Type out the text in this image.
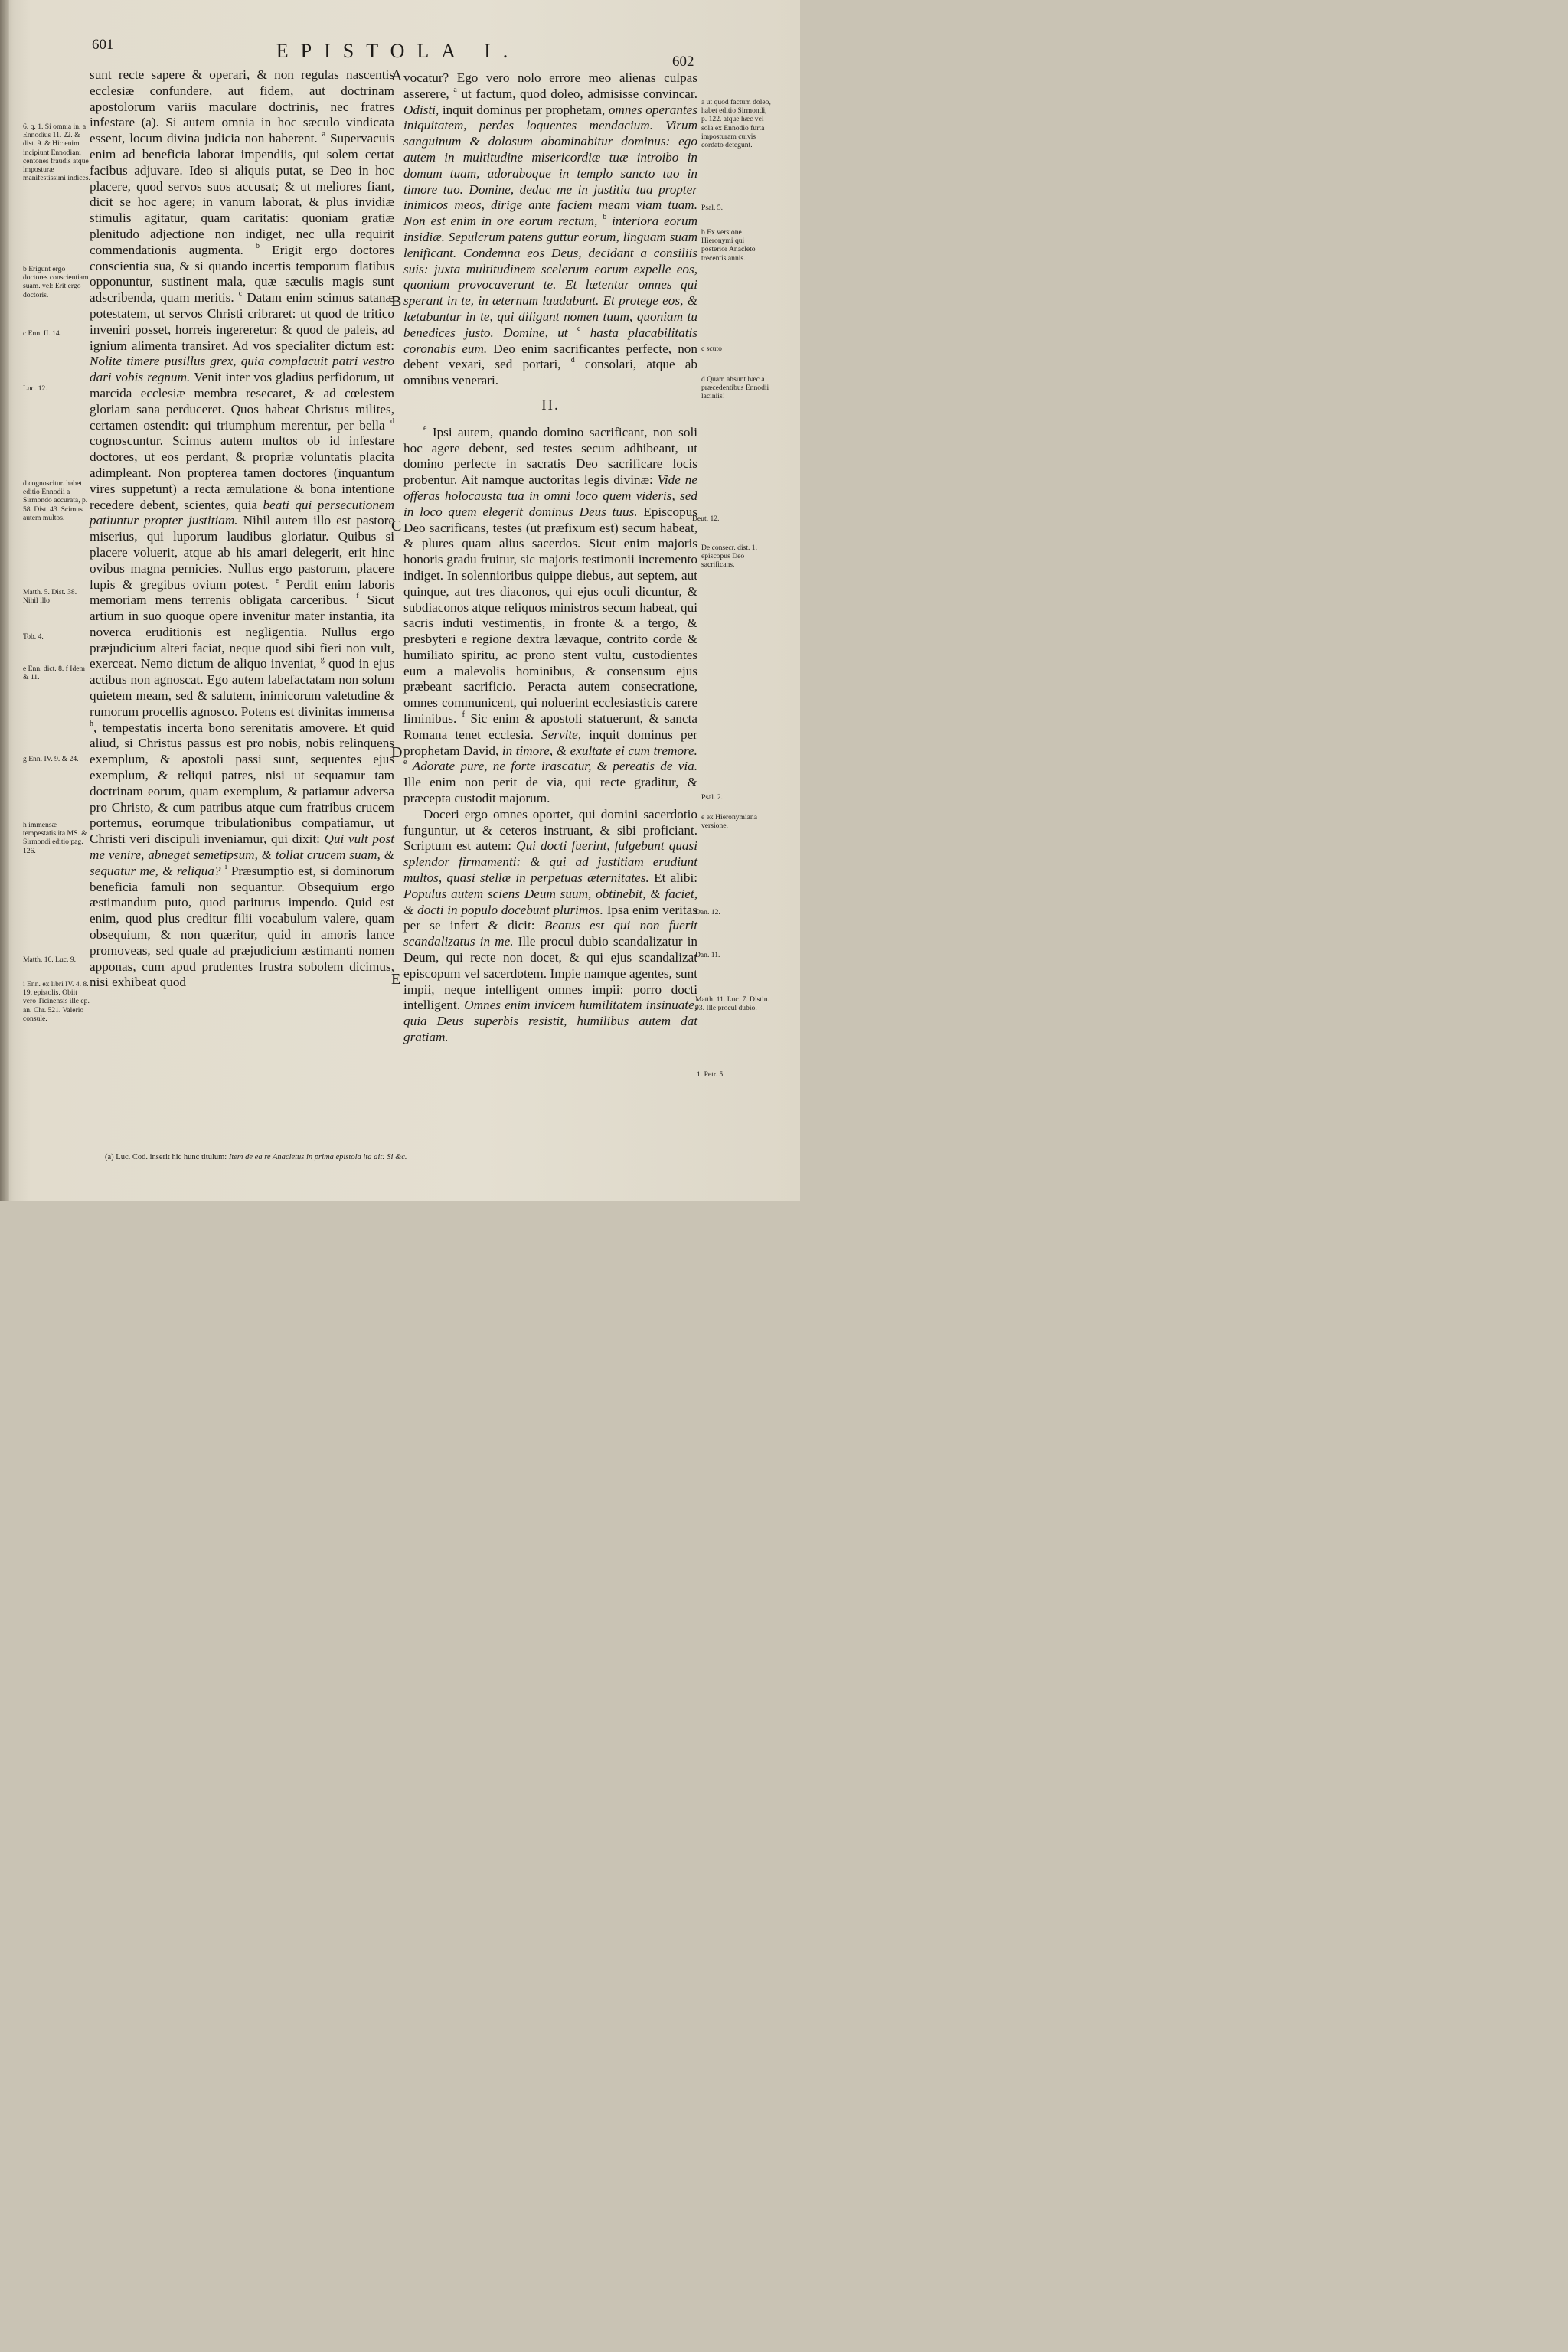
601	EPISTOLA I.	602

sunt recte sapere & operari, & non regulas nascentis ecclesiæ confundere, aut fidem, aut doctrinam apostolorum variis maculare doctrinis, nec fratres infestare (a). Si autem omnia in hoc sæculo vindicata essent, locum divina judicia non haberent. $^a$ Supervacuis enim ad beneficia laborat impendiis, qui solem certat facibus adjuvare. Ideo si aliquis putat, se Deo in hoc placere, quod servos suos accusat; & ut meliores fiant, dicit se hoc agere; in vanum laborat, & plus invidiæ stimulis agitatur, quam caritatis: quoniam gratiæ plenitudo adjectione non indiget, nec ulla requirit commendationis augmenta. $^b$ Erigit ergo doctores conscientia sua, & si quando incertis temporum flatibus opponuntur, sustinent mala, quæ sæculis magis sunt adscribenda, quam meritis. $^c$ Datam enim scimus satanæ potestatem, ut servos Christi cribraret: ut quod de tritico inveniri posset, horreis ingereretur: & quod de paleis, ad ignium alimenta transiret. Ad vos specialiter dictum est: Nolite timere pusillus grex, quia complacuit patri vestro dari vobis regnum. Venit inter vos gladius perfidorum, ut marcida ecclesiæ membra resecaret, & ad cœlestem gloriam sana perduceret. Quos habeat Christus milites, certamen ostendit: qui triumphum merentur, per bella $^d$ cognoscuntur. Scimus autem multos ob id infestare doctores, ut eos perdant, & propriæ voluntatis placita adimpleant. Non propterea tamen doctores (inquantum vires suppetunt) a recta æmulatione & bona intentione recedere debent, scientes, quia beati qui persecutionem patiuntur propter justitiam. Nihil autem illo est pastore miserius, qui luporum laudibus gloriatur. Quibus si placere voluerit, atque ab his amari delegerit, erit hinc ovibus magna pernicies. Nullus ergo pastorum, placere lupis & gregibus ovium potest. $^e$ Perdit enim laboris memoriam mens terrenis obligata carceribus. $^f$ Sicut artium in suo quoque opere invenitur mater instantia, ita noverca eruditionis est negligentia. Nullus ergo præjudicium alteri faciat, neque quod sibi fieri non vult, exerceat. Nemo dictum de aliquo inveniat, $^g$ quod in ejus actibus non agnoscat. Ego autem labefactatam non solum quietem meam, sed & salutem, inimicorum valetudine & rumorum procellis agnosco. Potens est divinitas immensa $^h$, tempestatis incerta bono serenitatis amovere. Et quid aliud, si Christus passus est pro nobis, nobis relinquens exemplum, & apostoli passi sunt, sequentes ejus exemplum, & reliqui patres, nisi ut sequamur tam doctrinam eorum, quam exemplum, & patiamur adversa pro Christo, & cum patribus atque cum fratribus crucem portemus, eorumque tribulationibus compatiamur, ut Christi veri discipuli inveniamur, qui dixit: Qui vult post me venire, abneget semetipsum, & tollat crucem suam, & sequatur me, & reliqua? $^i$ Præsumptio est, si dominorum beneficia famuli non sequantur. Obsequium ergo æstimandum puto, quod pariturus impendo. Quid est enim, quod plus creditur filii vocabulum valere, quam obsequium, & non quæritur, quid in amoris lance promoveas, sed quale ad præjudicium æstimanti nomen apponas, cum apud prudentes frustra sobolem dicimus, nisi exhibeat quod

vocatur? Ego vero nolo errore meo alienas culpas asserere, $^a$ ut factum, quod doleo, admisisse convincar. Odisti, inquit dominus per prophetam, omnes operantes iniquitatem, perdes loquentes mendacium. Virum sanguinum & dolosum abominabitur dominus: ego autem in multitudine misericordiæ tuæ introibo in domum tuam, adoraboque in templo sancto tuo in timore tuo. Domine, deduc me in justitia tua propter inimicos meos, dirige ante faciem meam viam tuam. Non est enim in ore eorum rectum, $^b$ interiora eorum insidiæ. Sepulcrum patens guttur eorum, linguam suam lenificant. Condemna eos Deus, decidant a consiliis suis: juxta multitudinem scelerum eorum expelle eos, quoniam provocaverunt te. Et lætentur omnes qui sperant in te, in æternum laudabunt. Et protege eos, & lætabuntur in te, qui diligunt nomen tuum, quoniam tu benedices justo. Domine, ut $^c$ hasta placabilitatis coronabis eum. Deo enim sacrificantes perfecte, non debent vexari, sed portari, $^d$ consolari, atque ab omnibus venerari.

II.

$^e$ Ipsi autem, quando domino sacrificant, non soli hoc agere debent, sed testes secum adhibeant, ut domino perfecte in sacratis Deo sacrificare locis probentur. Ait namque auctoritas legis divinæ: Vide ne offeras holocausta tua in omni loco quem videris, sed in loco quem elegerit dominus Deus tuus. Episcopus Deo sacrificans, testes (ut præfixum est) secum habeat, & plures quam alius sacerdos. Sicut enim majoris honoris gradu fruitur, sic majoris testimonii incremento indiget. In solennioribus quippe diebus, aut septem, aut quinque, aut tres diaconos, qui ejus oculi dicuntur, & subdiaconos atque reliquos ministros secum habeat, qui sacris induti vestimentis, in fronte & a tergo, & presbyteri e regione dextra lævaque, contrito corde & humiliato spiritu, ac prono stent vultu, custodientes eum a malevolis hominibus, & consensum ejus præbeant sacrificio. Peracta autem consecratione, omnes communicent, qui noluerint ecclesiasticis carere liminibus. $^f$ Sic enim & apostoli statuerunt, & sancta Romana tenet ecclesia. Servite, inquit dominus per prophetam David, in timore, & exultate ei cum tremore. $^e$ Adorate pure, ne forte irascatur, & pereatis de via. Ille enim non perit de via, qui recte graditur, & præcepta custodit majorum.

Doceri ergo omnes oportet, qui domini sacerdotio funguntur, ut & ceteros instruant, & sibi proficiant. Scriptum est autem: Qui docti fuerint, fulgebunt quasi splendor firmamenti: & qui ad justitiam erudiunt multos, quasi stellæ in perpetuas æternitates. Et alibi: Populus autem sciens Deum suum, obtinebit, & faciet, & docti in populo docebunt plurimos. Ipsa enim veritas per se infert & dicit: Beatus est qui non fuerit scandalizatus in me. Ille procul dubio scandalizatur in Deum, qui recte non docet, & qui ejus scandalizat episcopum vel sacerdotem. Impie namque agentes, sunt impii, neque intelligent omnes impii: porro docti intelligent. Omnes enim invicem humilitatem insinuate, quia Deus superbis resistit, humilibus autem dat gratiam.

6. q. 1. Si omnia in. a Ennodius 11. 22. & dist. 9. & Hic enim incipiunt Ennodiani centones fraudis atque imposturæ manifestissimi indices.

b Erigunt ergo doctores conscientiam suam. vel: Erit ergo doctoris.

c Enn. II. 14.

Luc. 12.

d cognoscitur. habet editio Ennodii a Sirmondo accurata, p. 58. Dist. 43. Scimus autem multos.

Matth. 5. Dist. 38. Nihil illo

Tob. 4.

e Enn. dict. 8. f Idem & 11.

g Enn. IV. 9. & 24.

h immensæ tempestatis ita MS. & Sirmondi editio pag. 126.

Matth. 16. Luc. 9.

i Enn. ex libri IV. 4. 8. 19. epistolis. Obiit vero Ticinensis ille ep. an. Chr. 521. Valerio consule.

a ut quod factum doleo, habet editio Sirmondi, p. 122. atque hæc vel sola ex Ennodio furta imposturam cuivis cordato detegunt.

Psal. 5.

b Ex versione Hieronymi qui posterior Anacleto trecentis annis.

c scuto

d Quam absunt hæc a præcedentibus Ennodii laciniis!

Deut. 12.

De consecr. dist. 1. episcopus Deo sacrificans.

Psal. 2.

e ex Hieronymiana versione.

Dan. 12.

Dan. 11.

Matth. 11. Luc. 7. Distin. 93. Ille procul dubio.

1. Petr. 5.

A
B
C
D
E
(a) Luc. Cod. inserit hic hunc titulum: Item de ea re Anacletus in prima epistola ita ait: Si &c.
